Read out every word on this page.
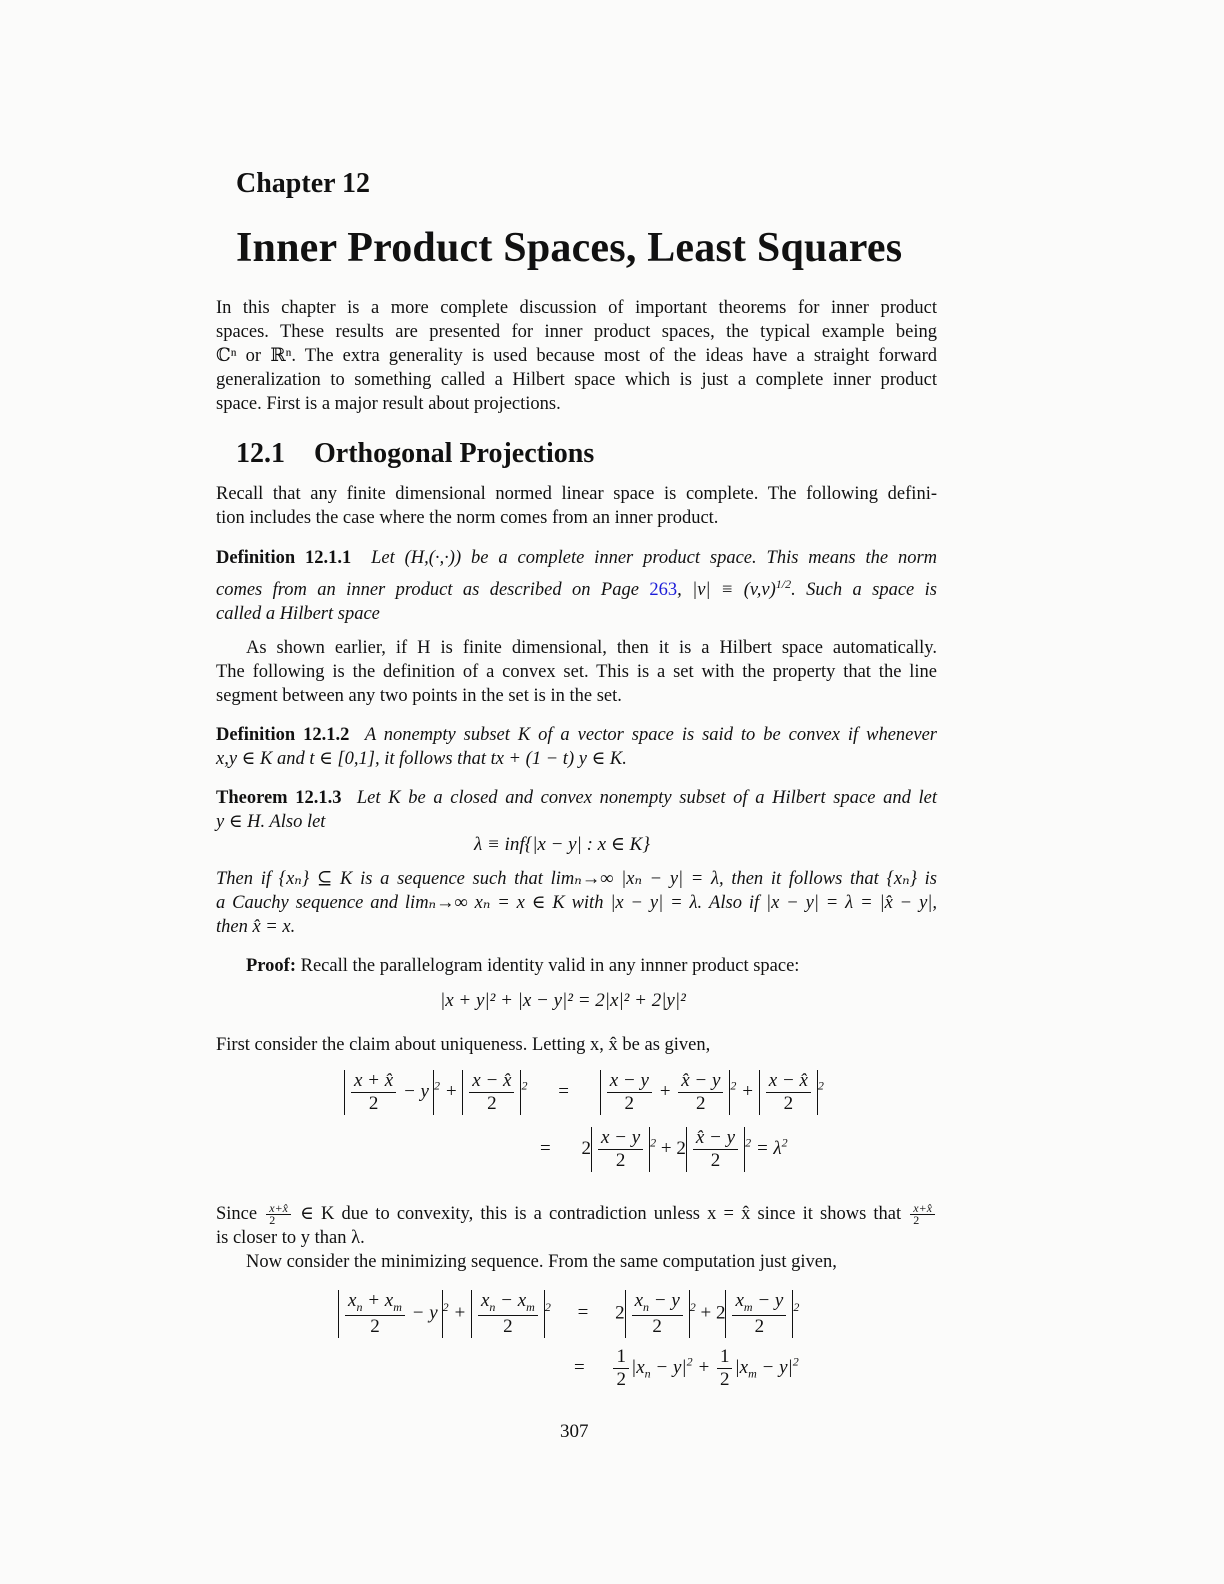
Chapter 12
Inner Product Spaces, Least Squares
In this chapter is a more complete discussion of important theorems for inner product
spaces. These results are presented for inner product spaces, the typical example being
ℂⁿ or ℝⁿ. The extra generality is used because most of the ideas have a straight forward
generalization to something called a Hilbert space which is just a complete inner product
space. First is a major result about projections.
12.1 Orthogonal Projections
Recall that any finite dimensional normed linear space is complete. The following defini-
tion includes the case where the norm comes from an inner product.
Definition 12.1.1 Let (H,(·,·)) be a complete inner product space. This means the norm
comes from an inner product as described on Page 263, $|v| \equiv (v,v)^{1/2}$. Such a space is
called a Hilbert space
As shown earlier, if H is finite dimensional, then it is a Hilbert space automatically.
The following is the definition of a convex set. This is a set with the property that the line
segment between any two points in the set is in the set.
Definition 12.1.2 A nonempty subset K of a vector space is said to be convex if whenever
x,y ∈ K and t ∈ [0,1], it follows that tx + (1 − t) y ∈ K.
Theorem 12.1.3 Let K be a closed and convex nonempty subset of a Hilbert space and let
y ∈ H. Also let
λ ≡ inf{|x − y| : x ∈ K}
Then if {xₙ} ⊆ K is a sequence such that limₙ→∞ |xₙ − y| = λ, then it follows that {xₙ} is
a Cauchy sequence and limₙ→∞ xₙ = x ∈ K with |x − y| = λ. Also if |x − y| = λ = |x̂ − y|,
then x̂ = x.
Proof: Recall the parallelogram identity valid in any innner product space:
|x + y|² + |x − y|² = 2|x|² + 2|y|²
First consider the claim about uniqueness. Letting x, x̂ be as given,
$\frac{x + x̂}{2} - y$ $^2 + \frac{x - x̂}{2} ^2 = \frac{x - y}{2} + \frac{x̂ - y}{2} ^2 + \frac{x - x̂}{2} ^2$
= $2 \frac{x - y}{2} ^2 + 2 \frac{x̂ - y}{2} ^2 = \lambda^2$
Since $\frac{x+x̂}{2}$ ∈ K due to convexity, this is a contradiction unless x = x̂ since it shows that $\frac{x+x̂}{2}$
is closer to y than λ.
Now consider the minimizing sequence. From the same computation just given,
$\frac{x_n + x_m}{2} - y$ $^2 + \frac{x_n - x_m}{2} ^2 = 2 \frac{x_n - y}{2} ^2 + 2 \frac{x_m - y}{2} ^2$
= $\frac{1}{2} |x_n - y|^2 + \frac{1}{2} |x_m - y|^2$
307
